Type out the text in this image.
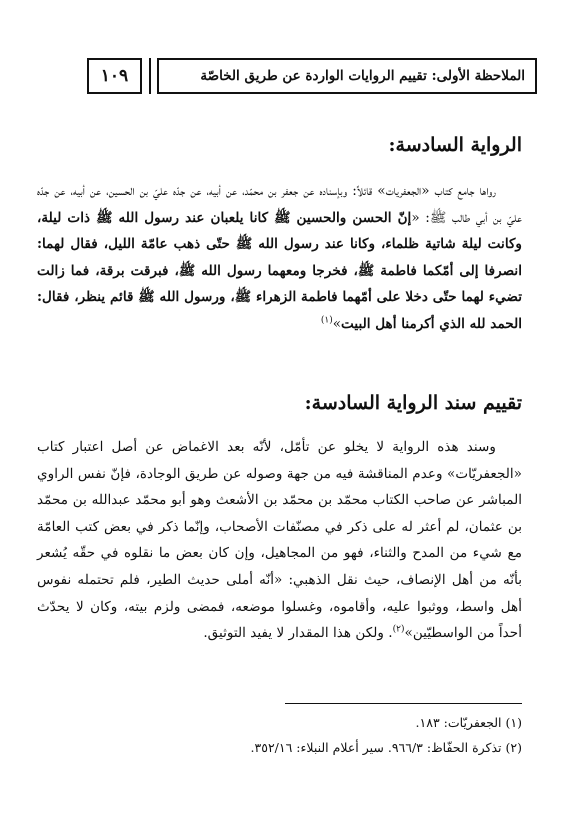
١٠٩	الملاحظة الأولى: تقييم الروايات الواردة عن طريق الخاصّة
الرواية السادسة:

رواها جامع كتاب «الجعفريات» قائلاً: وبإسناده عن جعفر بن محمّد، عن أبيه، عن جدّه عليّ بن الحسين، عن أبيه، عن جدّه عليّ بن أبي طالب ﷺ: «إنّ الحسن والحسين ﷺ كانا يلعبان عند رسول الله ﷺ ذات ليلة، وكانت ليلة شاتية ظلماء، وكانا عند رسول الله ﷺ حتّى ذهب عامّة الليل، فقال لهما: انصرفا إلى أمّكما فاطمة ﷺ، فخرجا ومعهما رسول الله ﷺ، فبرقت برقة، فما زالت تضيء لهما حتّى دخلا على أمّهما فاطمة الزهراء ﷺ، ورسول الله ﷺ قائم ينظر، فقال: الحمد لله الذي أكرمنا أهل البيت»$^{(١)}$

تقييم سند الرواية السادسة:

وسند هذه الرواية لا يخلو عن تأمّل، لأنّه بعد الاغماض عن أصل اعتبار كتاب «الجعفريّات» وعدم المناقشة فيه من جهة وصوله عن طريق الوجادة، فإنّ نفس الراوي المباشر عن صاحب الكتاب محمّد بن محمّد بن الأشعث وهو أبو محمّد عبدالله بن محمّد بن عثمان، لم أعثر له على ذكر في مصنّفات الأصحاب، وإنّما ذكر في بعض كتب العامّة مع شيء من المدح والثناء، فهو من المجاهيل، وإن كان بعض ما نقلوه في حقّه يُشعر بأنّه من أهل الإنصاف، حيث نقل الذهبي: «أنّه أملى حديث الطير، فلم تحتمله نفوس أهل واسط، ووثبوا عليه، وأقاموه، وغسلوا موضعه، فمضى ولزم بيته، وكان لا يحدّث أحداً من الواسطيّين»$^{(٢)}$. ولكن هذا المقدار لا يفيد التوثيق.

(١) الجعفريّات: ١٨٣.
(٢) تذكرة الحفّاظ: ٩٦٦/٣. سير أعلام النبلاء: ٣٥٢/١٦.
